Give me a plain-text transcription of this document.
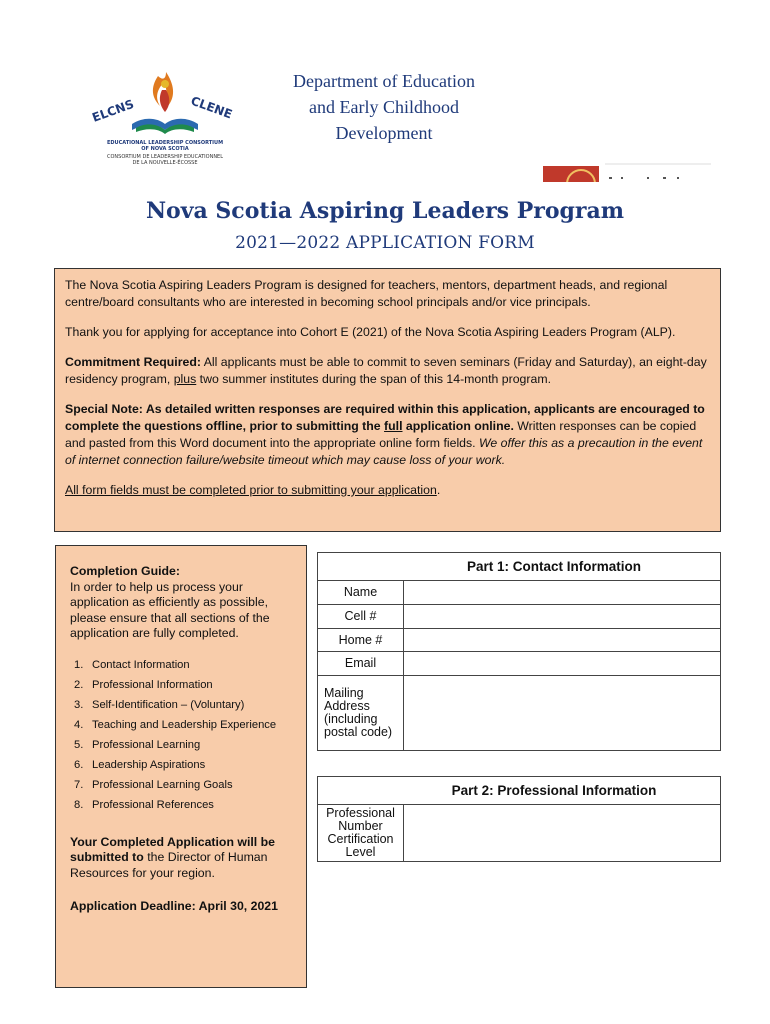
ELCNS	CLENE
EDUCATIONAL LEADERSHIP CONSORTIUM
OF NOVA SCOTIA
CONSORTIUM DE LEADERSHIP EDUCATIONNEL
DE LA NOUVELLE-ÉCOSSE
Department of Education
and Early Childhood
Development
Nova Scotia Aspiring Leaders Program
2021—2022 APPLICATION FORM

The Nova Scotia Aspiring Leaders Program is designed for teachers, mentors, department heads, and regional centre/board consultants who are interested in becoming school principals and/or vice principals.

Thank you for applying for acceptance into Cohort E (2021) of the Nova Scotia Aspiring Leaders Program (ALP).

Commitment Required: All applicants must be able to commit to seven seminars (Friday and Saturday), an eight-day residency program, plus two summer institutes during the span of this 14-month program.

Special Note: As detailed written responses are required within this application, applicants are encouraged to complete the questions offline, prior to submitting the full application online. Written responses can be copied and pasted from this Word document into the appropriate online form fields. We offer this as a precaution in the event of internet connection failure/website timeout which may cause loss of your work.

All form fields must be completed prior to submitting your application.

Completion Guide:
In order to help us process your application as efficiently as possible, please ensure that all sections of the application are fully completed.
1. Contact Information
2. Professional Information
3. Self-Identification – (Voluntary)
4. Teaching and Leadership Experience
5. Professional Learning
6. Leadership Aspirations
7. Professional Learning Goals
8. Professional References
Your Completed Application will be submitted to the Director of Human Resources for your region.
Application Deadline: April 30, 2021
Part 1: Contact Information	
Name	
Cell #	
Home #	
Email	
Mailing Address (including postal code)	
Part 2: Professional Information
Professional Number Certification Level	
